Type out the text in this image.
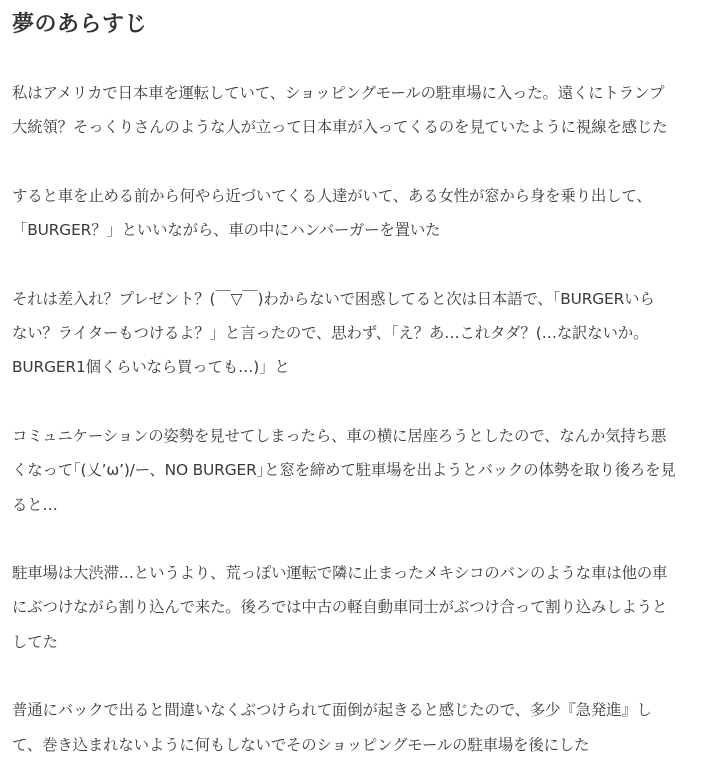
夢のあらすじ

私はアメリカで日本車を運転していて、ショッピングモールの駐車場に入った。遠くにトランプ
大統領？そっくりさんのような人が立って日本車が入ってくるのを見ていたように視線を感じた

すると車を止める前から何やら近づいてくる人達がいて、ある女性が窓から身を乗り出して、
「BURGER？」といいながら、車の中にハンバーガーを置いた

それは差入れ？プレゼント？(￣▽￣)わからないで困惑してると次は日本語で、「BURGERいら
ない？ライターもつけるよ？」と言ったので、思わず、「え？あ…これタダ？(…な訳ないか。
BURGER1個くらいなら買っても…)」と

コミュニケーションの姿勢を見せてしまったら、車の横に居座ろうとしたので、なんか気持ち悪
くなって｢(乂’ω’)/ー、NO BURGER｣と窓を締めて駐車場を出ようとバックの体勢を取り後ろを見
ると…

駐車場は大渋滞…というより、荒っぽい運転で隣に止まったメキシコのバンのような車は他の車
にぶつけながら割り込んで来た。後ろでは中古の軽自動車同士がぶつけ合って割り込みしようと
してた

普通にバックで出ると間違いなくぶつけられて面倒が起きると感じたので、多少『急発進』し
て、巻き込まれないように何もしないでそのショッピングモールの駐車場を後にした
